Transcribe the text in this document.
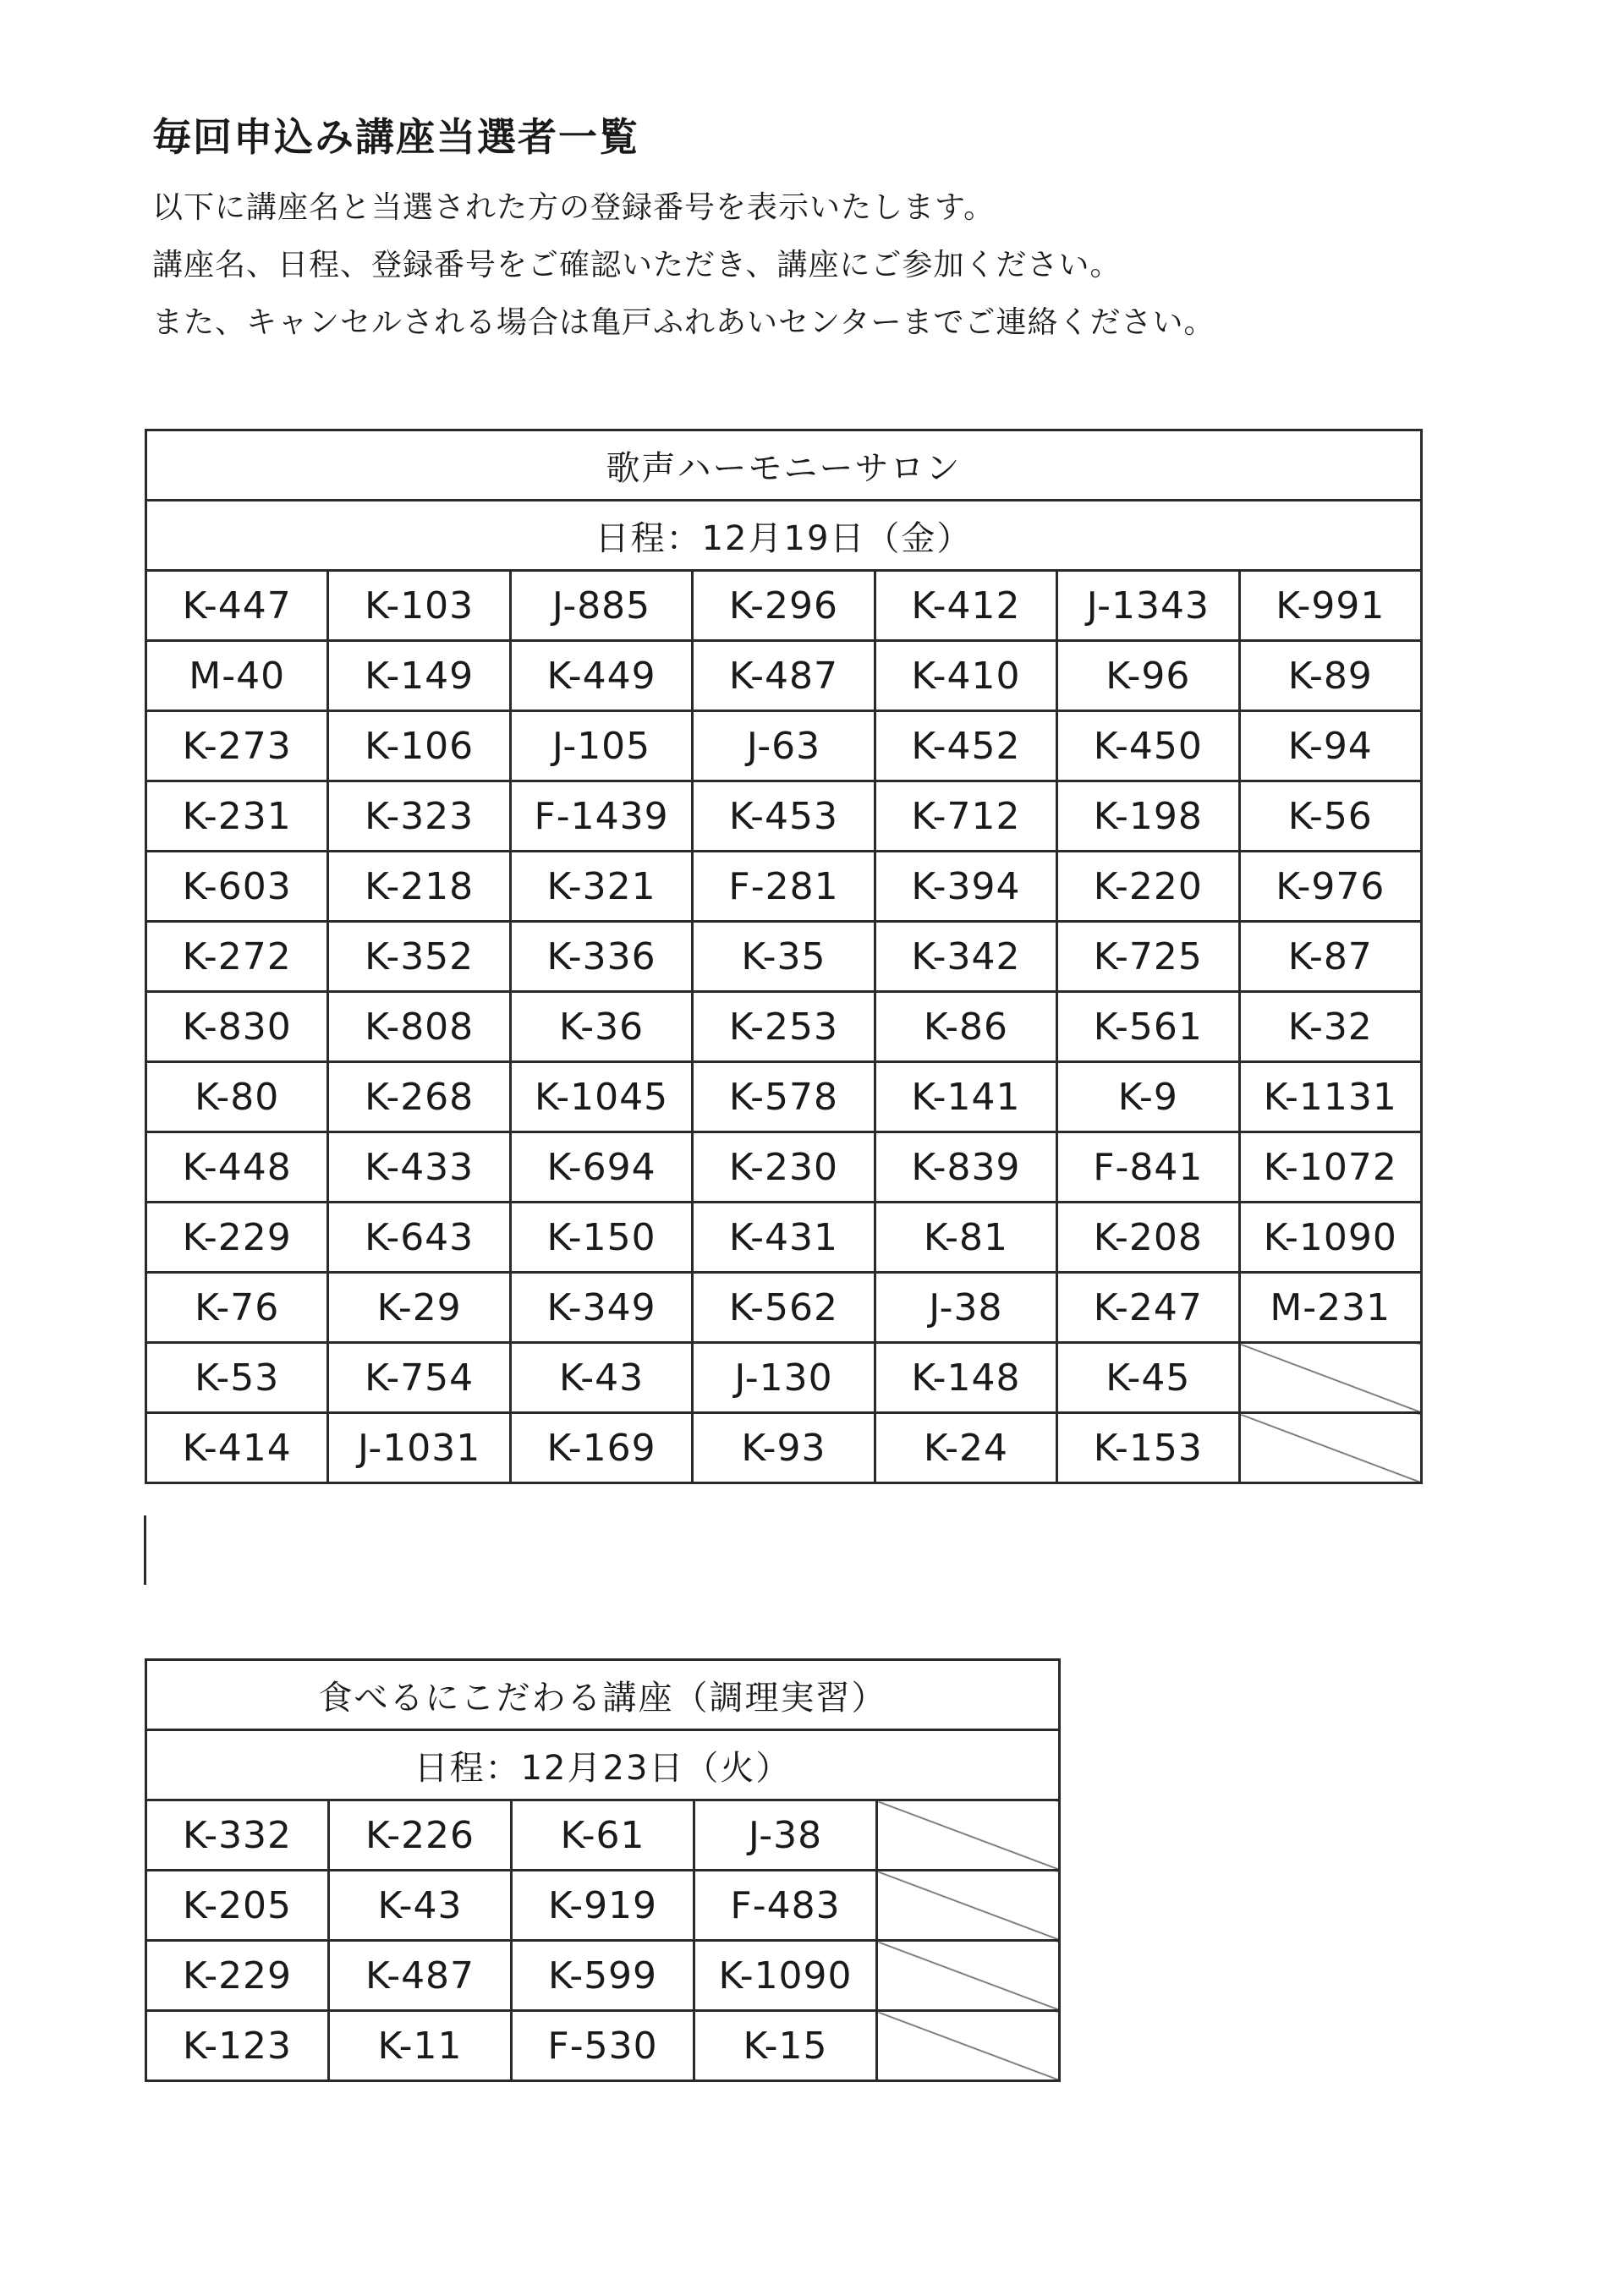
毎回申込み講座当選者一覧
以下に講座名と当選された方の登録番号を表示いたします。
講座名、日程、登録番号をご確認いただき、講座にご参加ください。
また、キャンセルされる場合は亀戸ふれあいセンターまでご連絡ください。
歌声ハーモニーサロン						
日程：12月19日（金）						
K-447	K-103	J-885	K-296	K-412	J-1343	K-991
M-40	K-149	K-449	K-487	K-410	K-96	K-89
K-273	K-106	J-105	J-63	K-452	K-450	K-94
K-231	K-323	F-1439	K-453	K-712	K-198	K-56
K-603	K-218	K-321	F-281	K-394	K-220	K-976
K-272	K-352	K-336	K-35	K-342	K-725	K-87
K-830	K-808	K-36	K-253	K-86	K-561	K-32
K-80	K-268	K-1045	K-578	K-141	K-9	K-1131
K-448	K-433	K-694	K-230	K-839	F-841	K-1072
K-229	K-643	K-150	K-431	K-81	K-208	K-1090
K-76	K-29	K-349	K-562	J-38	K-247	M-231
K-53	K-754	K-43	J-130	K-148	K-45	
K-414	J-1031	K-169	K-93	K-24	K-153	
食べるにこだわる講座（調理実習）				
日程：12月23日（火）				
K-332	K-226	K-61	J-38	
K-205	K-43	K-919	F-483	
K-229	K-487	K-599	K-1090	
K-123	K-11	F-530	K-15	
